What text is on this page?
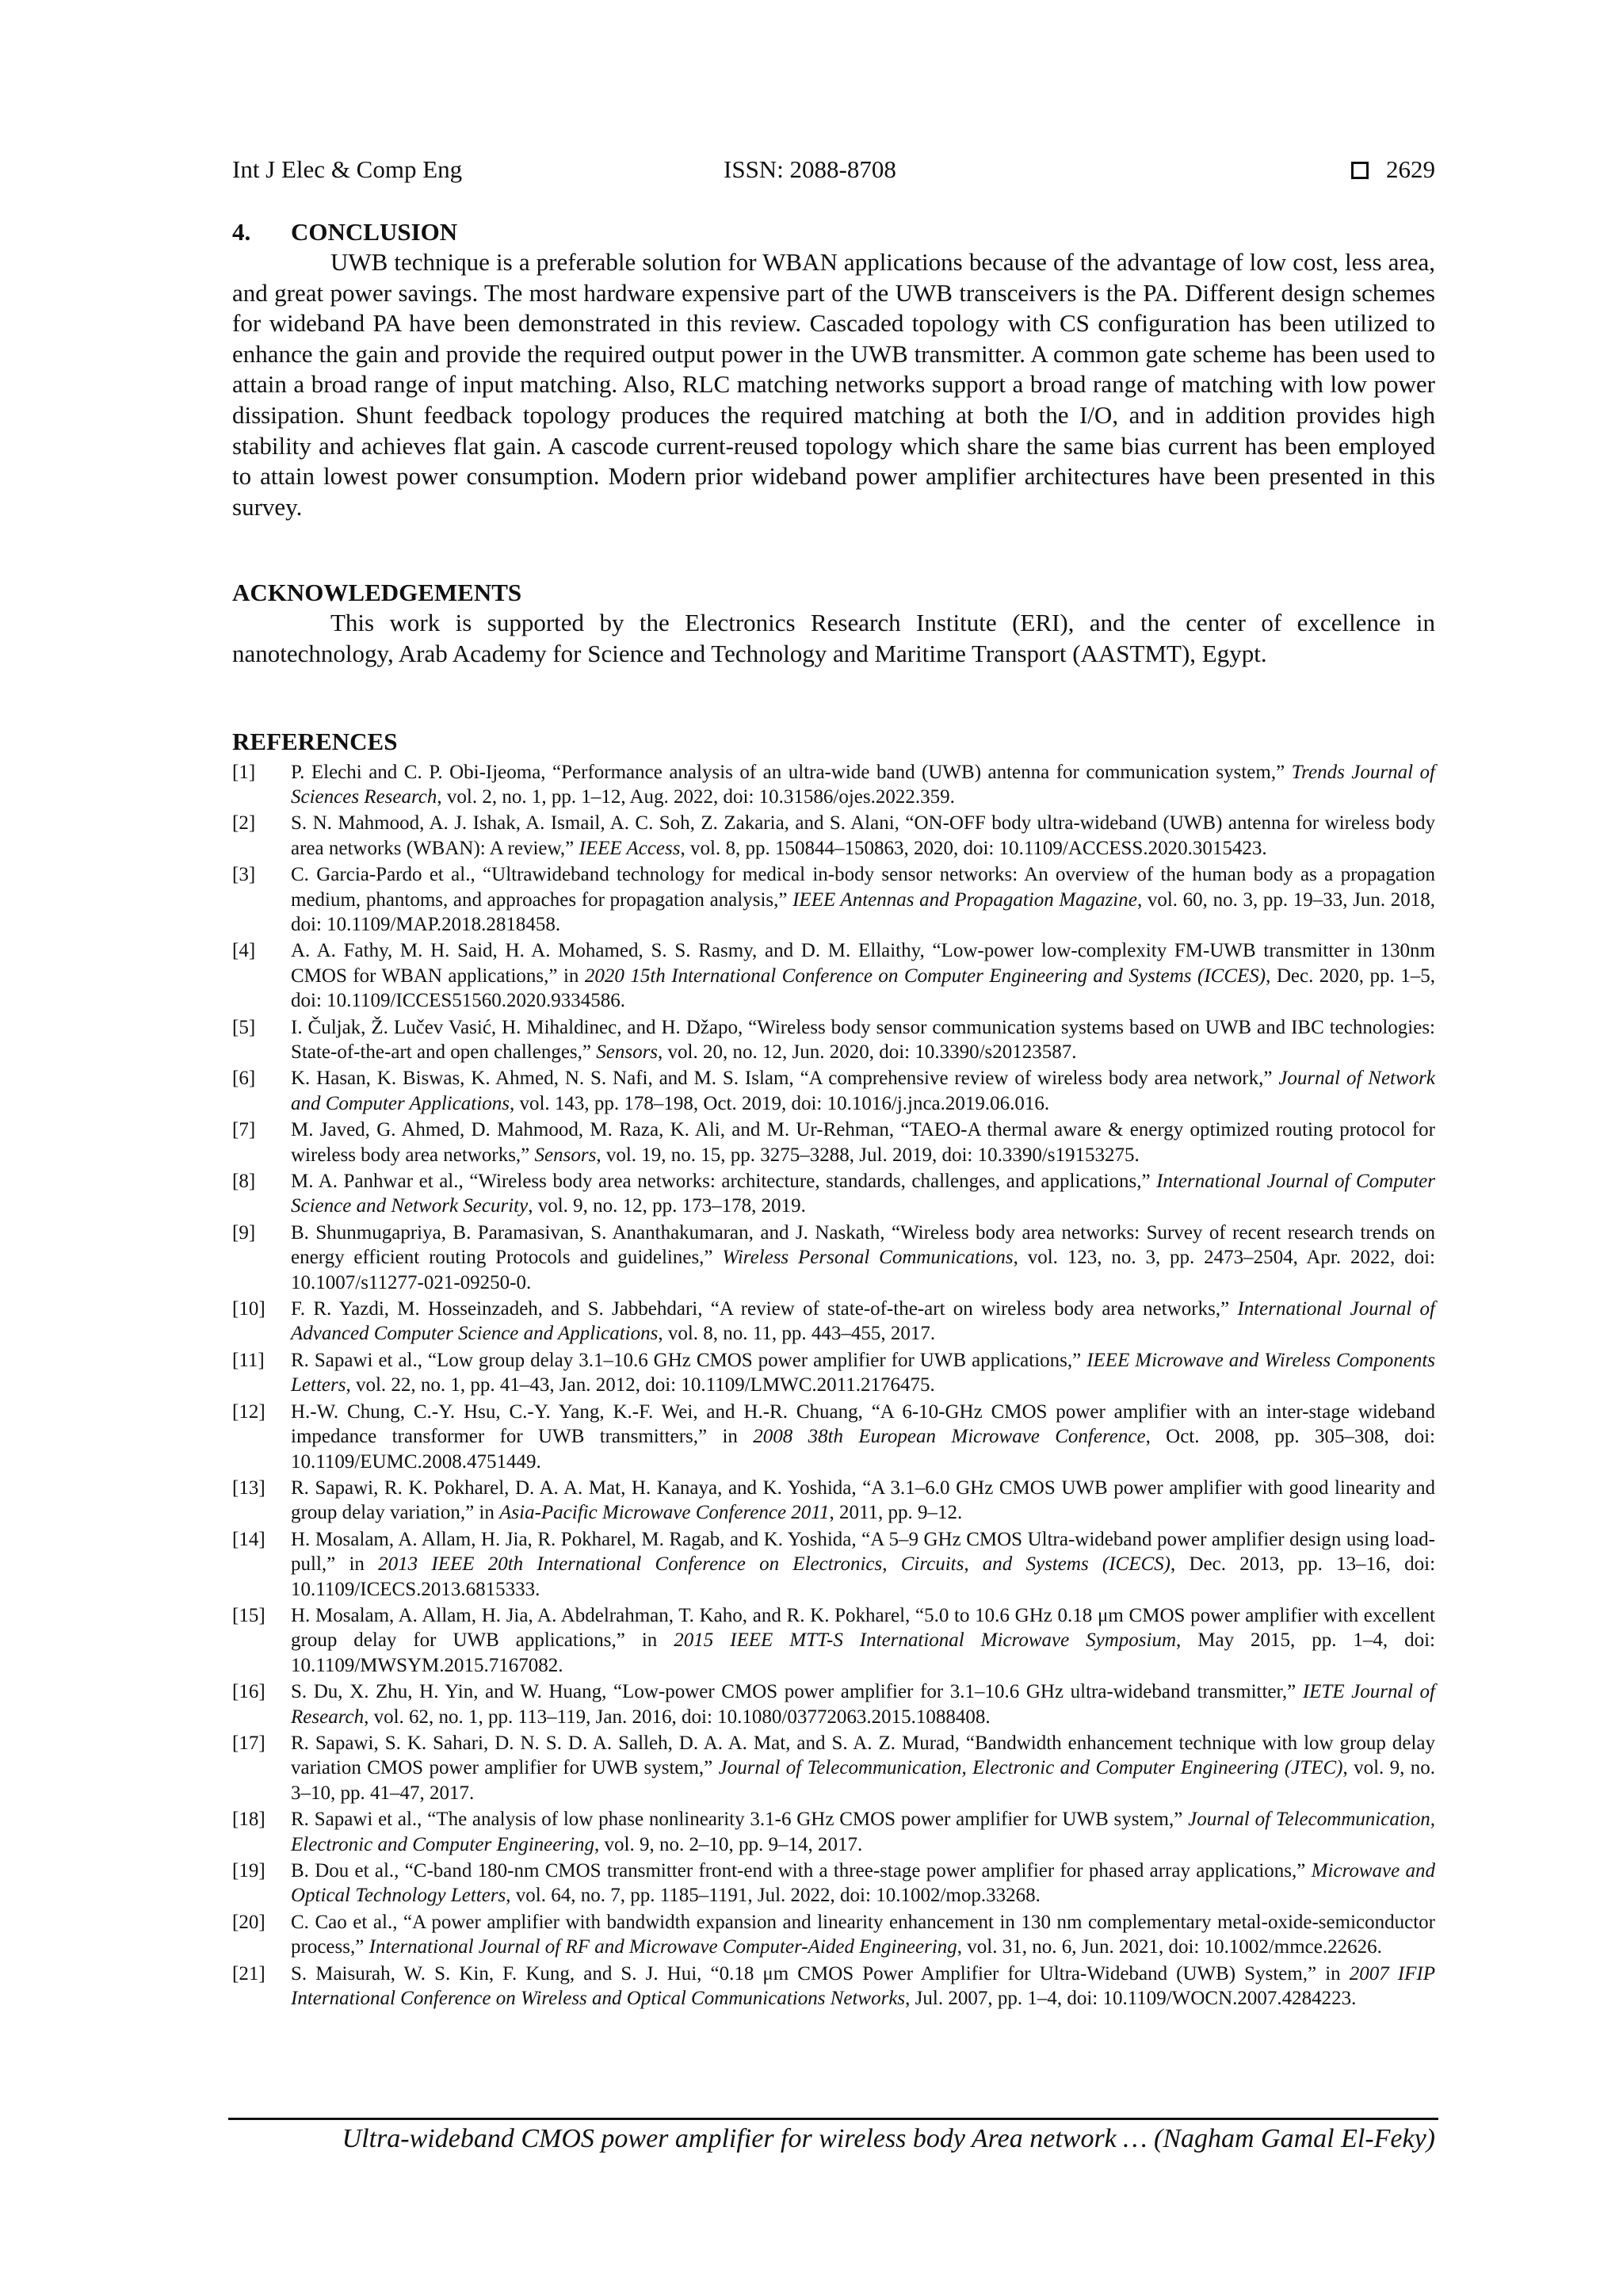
Int J Elec & Comp Eng	ISSN: 2088-8708	2629
4. CONCLUSION

UWB technique is a preferable solution for WBAN applications because of the advantage of low cost, less area, and great power savings. The most hardware expensive part of the UWB transceivers is the PA. Different design schemes for wideband PA have been demonstrated in this review. Cascaded topology with CS configuration has been utilized to enhance the gain and provide the required output power in the UWB transmitter. A common gate scheme has been used to attain a broad range of input matching. Also, RLC matching networks support a broad range of matching with low power dissipation. Shunt feedback topology produces the required matching at both the I/O, and in addition provides high stability and achieves flat gain. A cascode current-reused topology which share the same bias current has been employed to attain lowest power consumption. Modern prior wideband power amplifier architectures have been presented in this survey.

ACKNOWLEDGEMENTS

This work is supported by the Electronics Research Institute (ERI), and the center of excellence in nanotechnology, Arab Academy for Science and Technology and Maritime Transport (AASTMT), Egypt.

REFERENCES
[1] P. Elechi and C. P. Obi-Ijeoma, “Performance analysis of an ultra-wide band (UWB) antenna for communication system,” Trends Journal of Sciences Research, vol. 2, no. 1, pp. 1–12, Aug. 2022, doi: 10.31586/ojes.2022.359.
[2] S. N. Mahmood, A. J. Ishak, A. Ismail, A. C. Soh, Z. Zakaria, and S. Alani, “ON-OFF body ultra-wideband (UWB) antenna for wireless body area networks (WBAN): A review,” IEEE Access, vol. 8, pp. 150844–150863, 2020, doi: 10.1109/ACCESS.2020.3015423.
[3] C. Garcia-Pardo et al., “Ultrawideband technology for medical in-body sensor networks: An overview of the human body as a propagation medium, phantoms, and approaches for propagation analysis,” IEEE Antennas and Propagation Magazine, vol. 60, no. 3, pp. 19–33, Jun. 2018, doi: 10.1109/MAP.2018.2818458.
[4] A. A. Fathy, M. H. Said, H. A. Mohamed, S. S. Rasmy, and D. M. Ellaithy, “Low-power low-complexity FM-UWB transmitter in 130nm CMOS for WBAN applications,” in 2020 15th International Conference on Computer Engineering and Systems (ICCES), Dec. 2020, pp. 1–5, doi: 10.1109/ICCES51560.2020.9334586.
[5] I. Čuljak, Ž. Lučev Vasić, H. Mihaldinec, and H. Džapo, “Wireless body sensor communication systems based on UWB and IBC technologies: State-of-the-art and open challenges,” Sensors, vol. 20, no. 12, Jun. 2020, doi: 10.3390/s20123587.
[6] K. Hasan, K. Biswas, K. Ahmed, N. S. Nafi, and M. S. Islam, “A comprehensive review of wireless body area network,” Journal of Network and Computer Applications, vol. 143, pp. 178–198, Oct. 2019, doi: 10.1016/j.jnca.2019.06.016.
[7] M. Javed, G. Ahmed, D. Mahmood, M. Raza, K. Ali, and M. Ur-Rehman, “TAEO-A thermal aware & energy optimized routing protocol for wireless body area networks,” Sensors, vol. 19, no. 15, pp. 3275–3288, Jul. 2019, doi: 10.3390/s19153275.
[8] M. A. Panhwar et al., “Wireless body area networks: architecture, standards, challenges, and applications,” International Journal of Computer Science and Network Security, vol. 9, no. 12, pp. 173–178, 2019.
[9] B. Shunmugapriya, B. Paramasivan, S. Ananthakumaran, and J. Naskath, “Wireless body area networks: Survey of recent research trends on energy efficient routing Protocols and guidelines,” Wireless Personal Communications, vol. 123, no. 3, pp. 2473–2504, Apr. 2022, doi: 10.1007/s11277-021-09250-0.
[10] F. R. Yazdi, M. Hosseinzadeh, and S. Jabbehdari, “A review of state-of-the-art on wireless body area networks,” International Journal of Advanced Computer Science and Applications, vol. 8, no. 11, pp. 443–455, 2017.
[11] R. Sapawi et al., “Low group delay 3.1–10.6 GHz CMOS power amplifier for UWB applications,” IEEE Microwave and Wireless Components Letters, vol. 22, no. 1, pp. 41–43, Jan. 2012, doi: 10.1109/LMWC.2011.2176475.
[12] H.-W. Chung, C.-Y. Hsu, C.-Y. Yang, K.-F. Wei, and H.-R. Chuang, “A 6-10-GHz CMOS power amplifier with an inter-stage wideband impedance transformer for UWB transmitters,” in 2008 38th European Microwave Conference, Oct. 2008, pp. 305–308, doi: 10.1109/EUMC.2008.4751449.
[13] R. Sapawi, R. K. Pokharel, D. A. A. Mat, H. Kanaya, and K. Yoshida, “A 3.1–6.0 GHz CMOS UWB power amplifier with good linearity and group delay variation,” in Asia-Pacific Microwave Conference 2011, 2011, pp. 9–12.
[14] H. Mosalam, A. Allam, H. Jia, R. Pokharel, M. Ragab, and K. Yoshida, “A 5–9 GHz CMOS Ultra-wideband power amplifier design using load-pull,” in 2013 IEEE 20th International Conference on Electronics, Circuits, and Systems (ICECS), Dec. 2013, pp. 13–16, doi: 10.1109/ICECS.2013.6815333.
[15] H. Mosalam, A. Allam, H. Jia, A. Abdelrahman, T. Kaho, and R. K. Pokharel, “5.0 to 10.6 GHz 0.18 μm CMOS power amplifier with excellent group delay for UWB applications,” in 2015 IEEE MTT-S International Microwave Symposium, May 2015, pp. 1–4, doi: 10.1109/MWSYM.2015.7167082.
[16] S. Du, X. Zhu, H. Yin, and W. Huang, “Low-power CMOS power amplifier for 3.1–10.6 GHz ultra-wideband transmitter,” IETE Journal of Research, vol. 62, no. 1, pp. 113–119, Jan. 2016, doi: 10.1080/03772063.2015.1088408.
[17] R. Sapawi, S. K. Sahari, D. N. S. D. A. Salleh, D. A. A. Mat, and S. A. Z. Murad, “Bandwidth enhancement technique with low group delay variation CMOS power amplifier for UWB system,” Journal of Telecommunication, Electronic and Computer Engineering (JTEC), vol. 9, no. 3–10, pp. 41–47, 2017.
[18] R. Sapawi et al., “The analysis of low phase nonlinearity 3.1-6 GHz CMOS power amplifier for UWB system,” Journal of Telecommunication, Electronic and Computer Engineering, vol. 9, no. 2–10, pp. 9–14, 2017.
[19] B. Dou et al., “C-band 180-nm CMOS transmitter front-end with a three-stage power amplifier for phased array applications,” Microwave and Optical Technology Letters, vol. 64, no. 7, pp. 1185–1191, Jul. 2022, doi: 10.1002/mop.33268.
[20] C. Cao et al., “A power amplifier with bandwidth expansion and linearity enhancement in 130 nm complementary metal-oxide-semiconductor process,” International Journal of RF and Microwave Computer-Aided Engineering, vol. 31, no. 6, Jun. 2021, doi: 10.1002/mmce.22626.
[21] S. Maisurah, W. S. Kin, F. Kung, and S. J. Hui, “0.18 μm CMOS Power Amplifier for Ultra-Wideband (UWB) System,” in 2007 IFIP International Conference on Wireless and Optical Communications Networks, Jul. 2007, pp. 1–4, doi: 10.1109/WOCN.2007.4284223.
Ultra-wideband CMOS power amplifier for wireless body Area network … (Nagham Gamal El-Feky)
